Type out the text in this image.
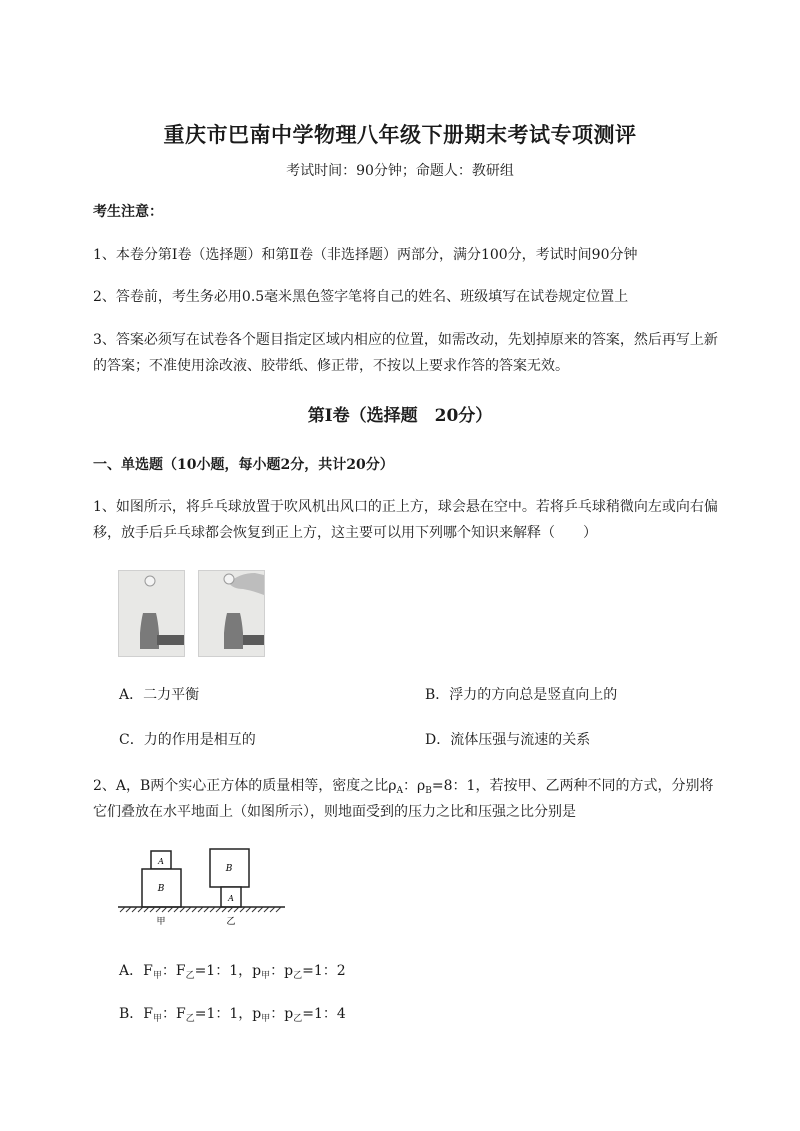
重庆市巴南中学物理八年级下册期末考试专项测评
考试时间：90分钟；命题人：教研组
考生注意：
1、本卷分第I卷（选择题）和第Ⅱ卷（非选择题）两部分，满分100分，考试时间90分钟
2、答卷前，考生务必用0.5毫米黑色签字笔将自己的姓名、班级填写在试卷规定位置上
3、答案必须写在试卷各个题目指定区域内相应的位置，如需改动，先划掉原来的答案，然后再写上新
的答案；不准使用涂改液、胶带纸、修正带，不按以上要求作答的答案无效。
第I卷（选择题　20分）
一、单选题（10小题，每小题2分，共计20分）
1、如图所示，将乒乓球放置于吹风机出风口的正上方，球会悬在空中。若将乒乓球稍微向左或向右偏
移，放手后乒乓球都会恢复到正上方，这主要可以用下列哪个知识来解释（　　）
A．二力平衡	B．浮力的方向总是竖直向上的
C．力的作用是相互的	D．流体压强与流速的关系
2、A，B两个实心正方体的质量相等，密度之比$\rho_A$：$\rho_B=8$：1，若按甲、乙两种不同的方式，分别将
它们叠放在水平地面上（如图所示），则地面受到的压力之比和压强之比分别是
A
B
B
A
甲	乙
A．$F_甲$：$F_乙=1$：1，$p_甲$：$p_乙=1$：2
B．$F_甲$：$F_乙=1$：1，$p_甲$：$p_乙=1$：4
